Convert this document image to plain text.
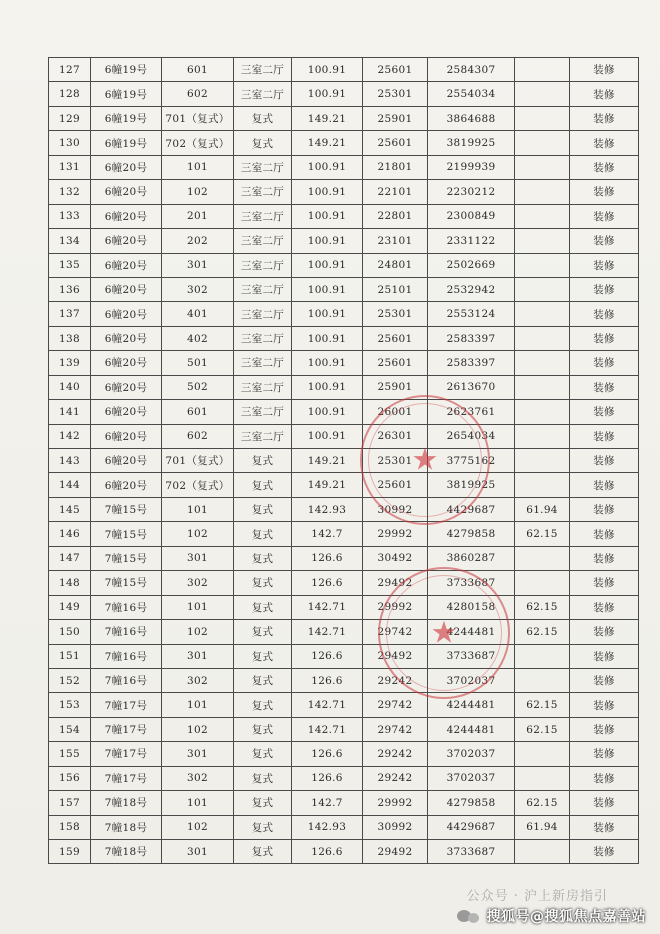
127	6幢19号	601	三室二厅	100.91	25601	2584307		装修
128	6幢19号	602	三室二厅	100.91	25301	2554034		装修
129	6幢19号	701（复式）	复式	149.21	25901	3864688		装修
130	6幢19号	702（复式）	复式	149.21	25601	3819925		装修
131	6幢20号	101	三室二厅	100.91	21801	2199939		装修
132	6幢20号	102	三室二厅	100.91	22101	2230212		装修
133	6幢20号	201	三室二厅	100.91	22801	2300849		装修
134	6幢20号	202	三室二厅	100.91	23101	2331122		装修
135	6幢20号	301	三室二厅	100.91	24801	2502669		装修
136	6幢20号	302	三室二厅	100.91	25101	2532942		装修
137	6幢20号	401	三室二厅	100.91	25301	2553124		装修
138	6幢20号	402	三室二厅	100.91	25601	2583397		装修
139	6幢20号	501	三室二厅	100.91	25601	2583397		装修
140	6幢20号	502	三室二厅	100.91	25901	2613670		装修
141	6幢20号	601	三室二厅	100.91	26001	2623761		装修
142	6幢20号	602	三室二厅	100.91	26301	2654034		装修
143	6幢20号	701（复式）	复式	149.21	25301	3775162		装修
144	6幢20号	702（复式）	复式	149.21	25601	3819925		装修
145	7幢15号	101	复式	142.93	30992	4429687	61.94	装修
146	7幢15号	102	复式	142.7	29992	4279858	62.15	装修
147	7幢15号	301	复式	126.6	30492	3860287		装修
148	7幢15号	302	复式	126.6	29492	3733687		装修
149	7幢16号	101	复式	142.71	29992	4280158	62.15	装修
150	7幢16号	102	复式	142.71	29742	4244481	62.15	装修
151	7幢16号	301	复式	126.6	29492	3733687		装修
152	7幢16号	302	复式	126.6	29242	3702037		装修
153	7幢17号	101	复式	142.71	29742	4244481	62.15	装修
154	7幢17号	102	复式	142.71	29742	4244481	62.15	装修
155	7幢17号	301	复式	126.6	29242	3702037		装修
156	7幢17号	302	复式	126.6	29242	3702037		装修
157	7幢18号	101	复式	142.7	29992	4279858	62.15	装修
158	7幢18号	102	复式	142.93	30992	4429687	61.94	装修
159	7幢18号	301	复式	126.6	29492	3733687		装修
★
★
公众号 · 沪上新房指引
搜狐号@搜狐焦点嘉善站
